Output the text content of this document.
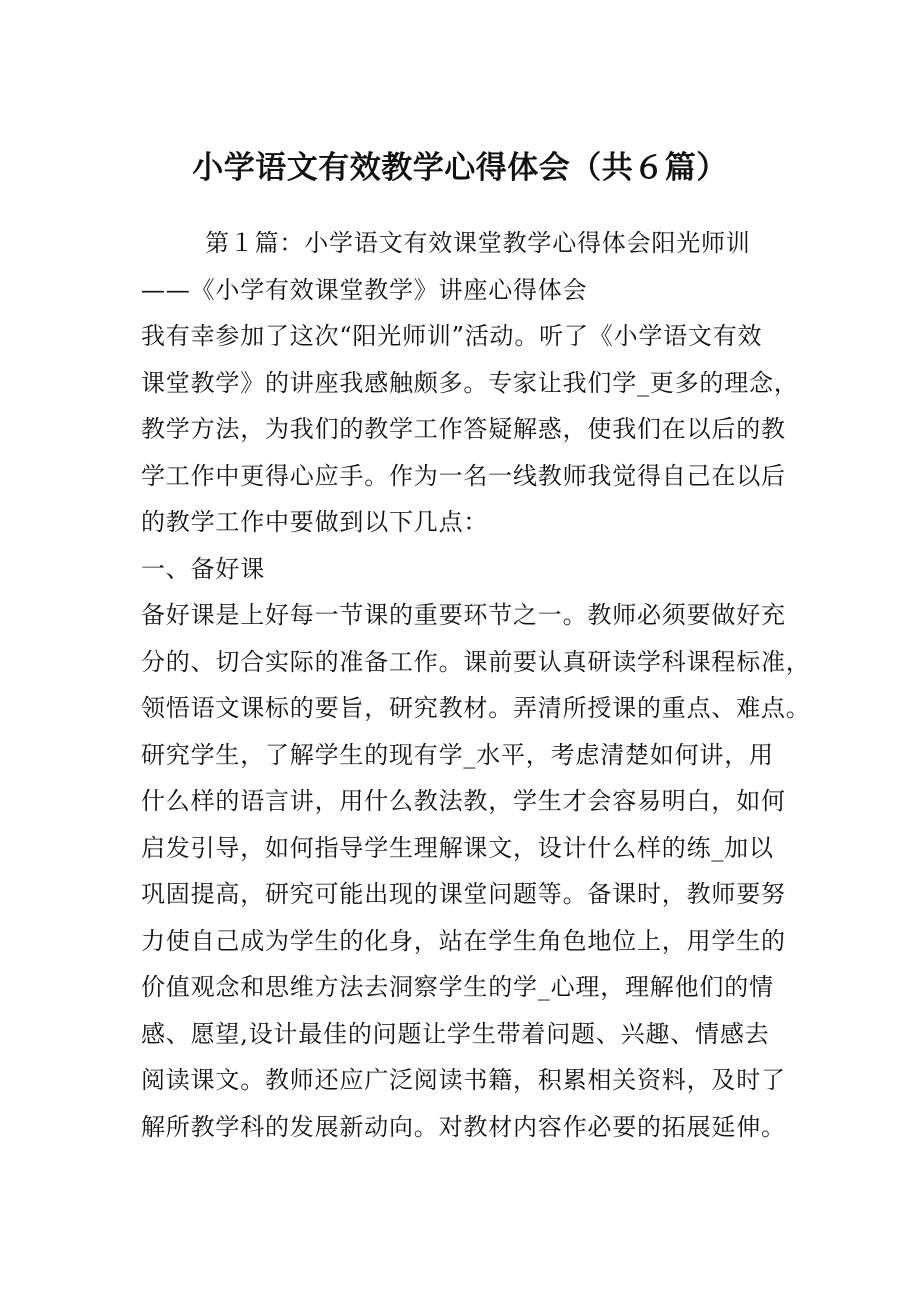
小学语文有效教学心得体会（共６篇）
第１篇：小学语文有效课堂教学心得体会阳光师训
——《小学有效课堂教学》讲座心得体会
我有幸参加了这次“阳光师训”活动。听了《小学语文有效
课堂教学》的讲座我感触颇多。专家让我们学_更多的理念，
教学方法，为我们的教学工作答疑解惑，使我们在以后的教
学工作中更得心应手。作为一名一线教师我觉得自己在以后
的教学工作中要做到以下几点：
一、备好课
备好课是上好每一节课的重要环节之一。教师必须要做好充
分的、切合实际的准备工作。课前要认真研读学科课程标准，
领悟语文课标的要旨，研究教材。弄清所授课的重点、难点。
研究学生，了解学生的现有学_水平，考虑清楚如何讲，用
什么样的语言讲，用什么教法教，学生才会容易明白，如何
启发引导，如何指导学生理解课文，设计什么样的练_加以
巩固提高，研究可能出现的课堂问题等。备课时，教师要努
力使自己成为学生的化身，站在学生角色地位上，用学生的
价值观念和思维方法去洞察学生的学_心理，理解他们的情
感、愿望,设计最佳的问题让学生带着问题、兴趣、情感去
阅读课文。教师还应广泛阅读书籍，积累相关资料，及时了
解所教学科的发展新动向。对教材内容作必要的拓展延伸。
